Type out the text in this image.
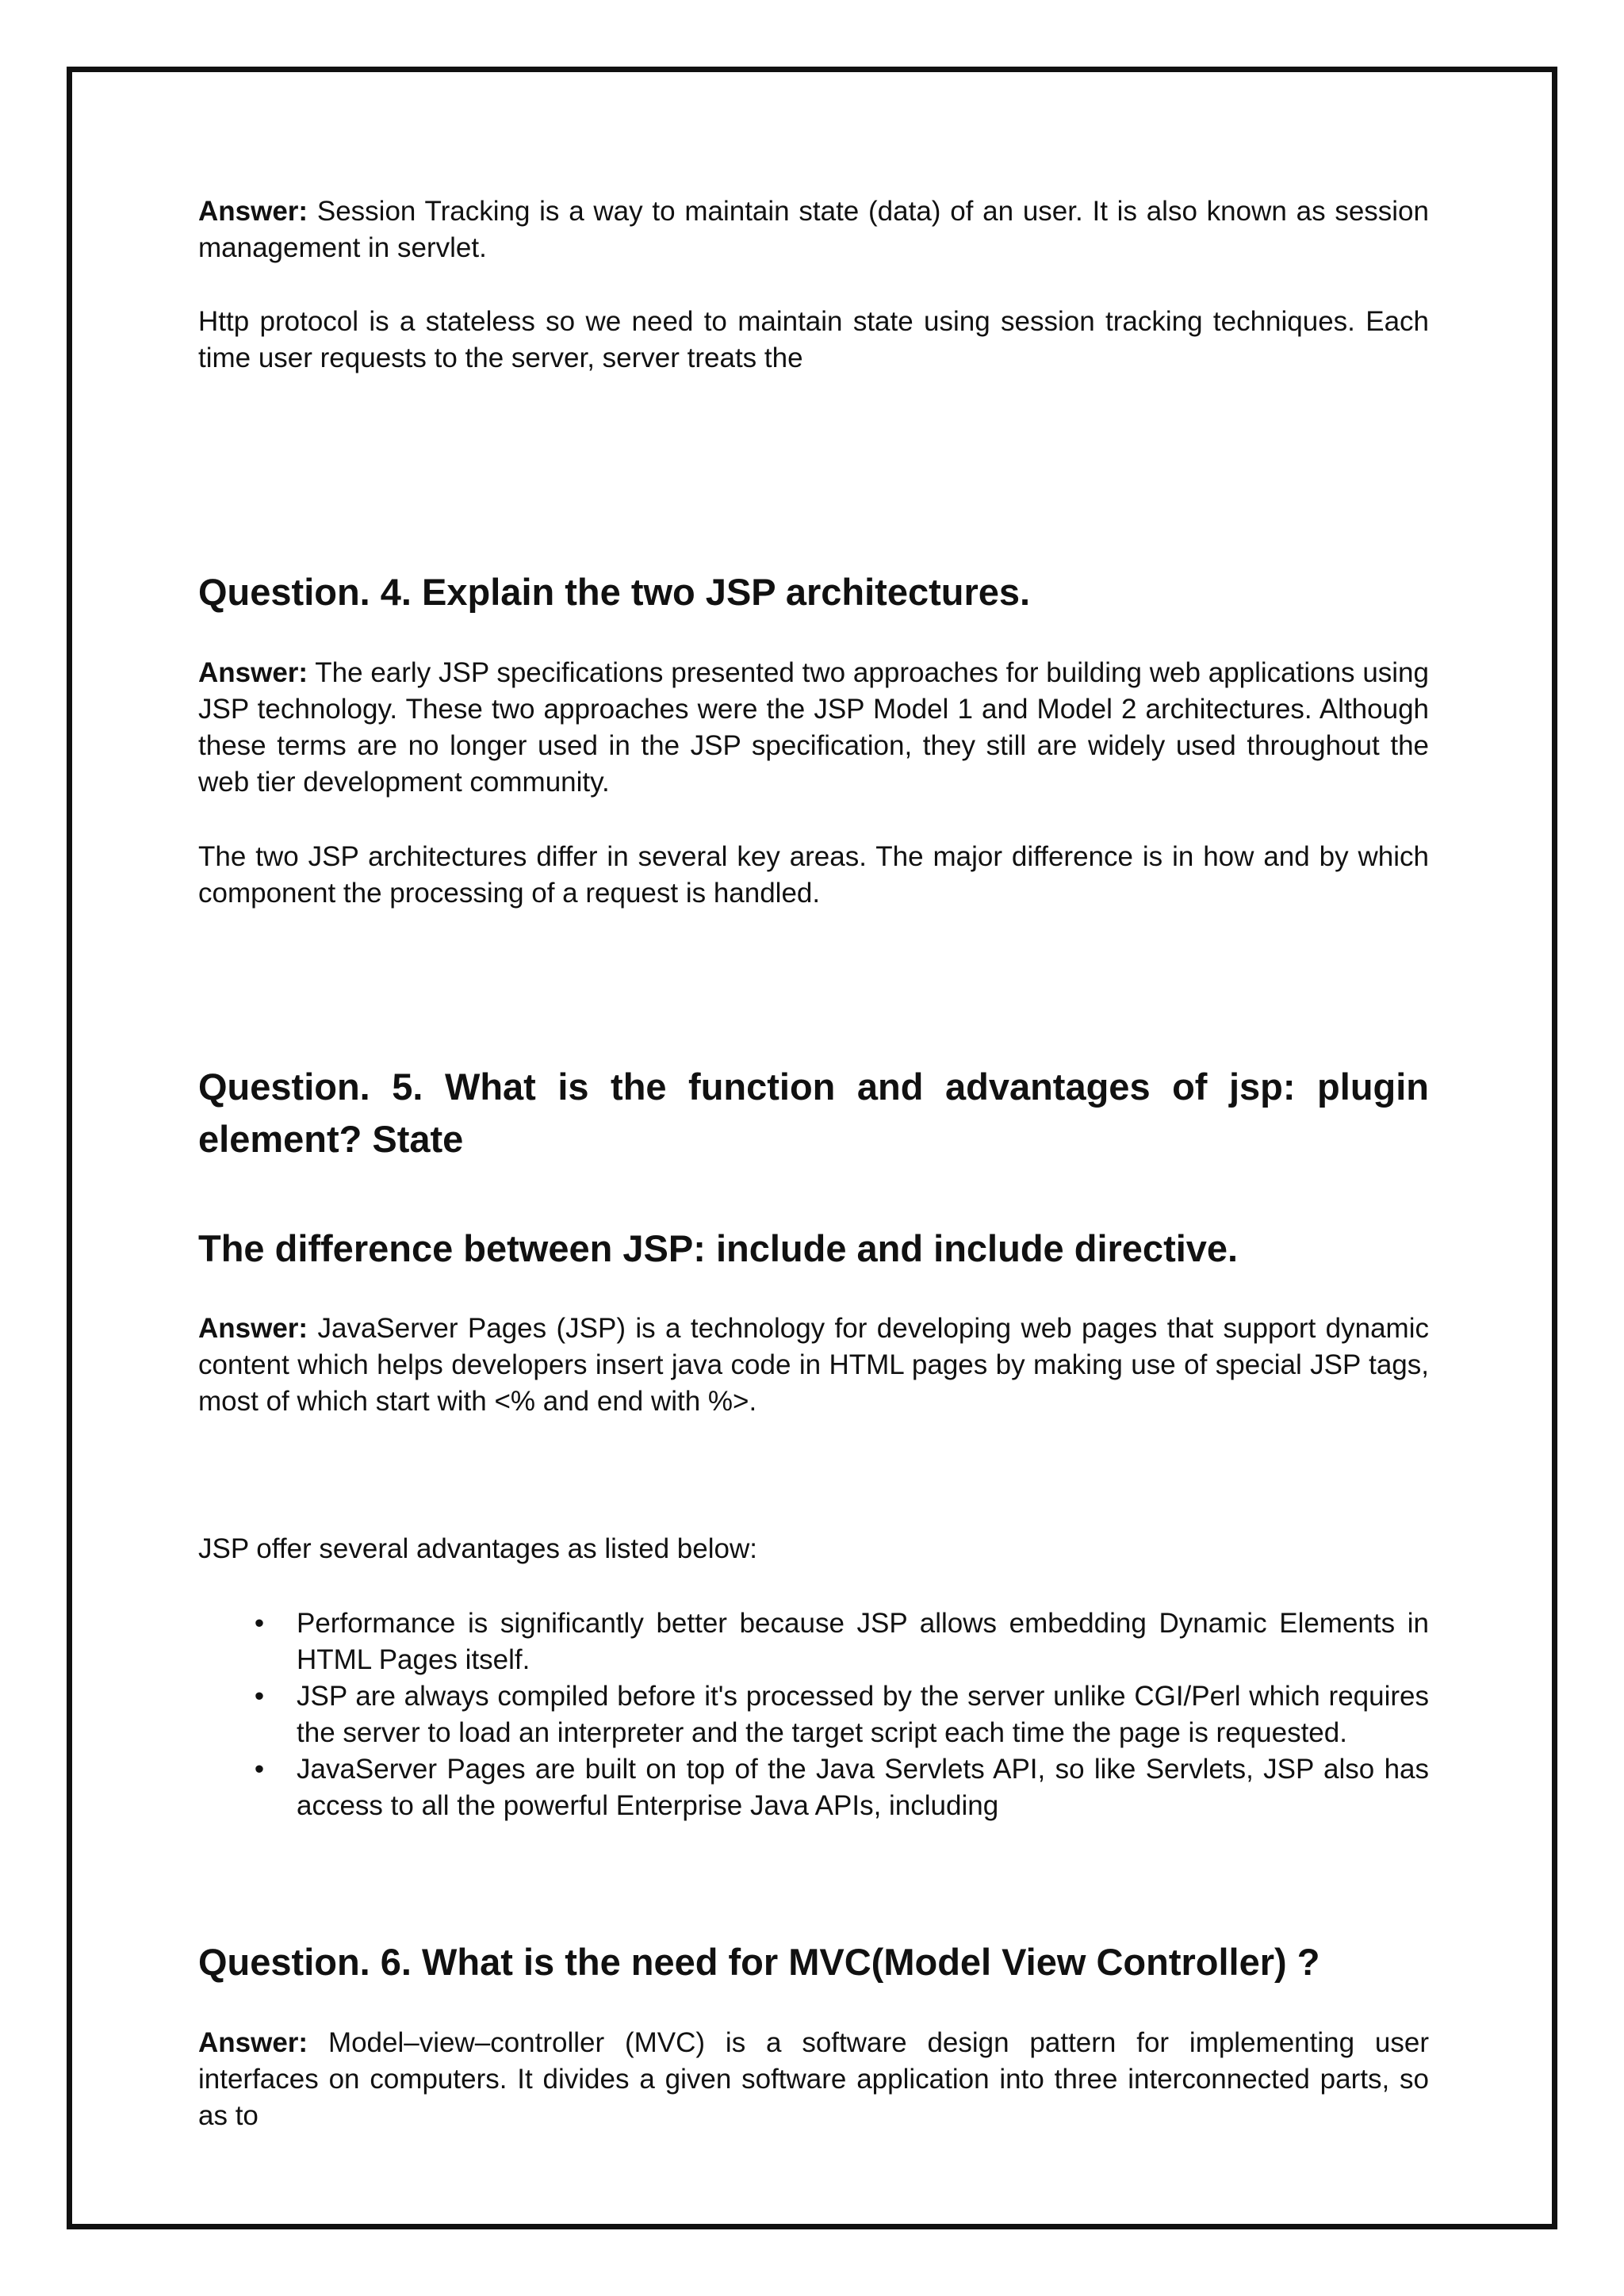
Answer: Session Tracking is a way to maintain state (data) of an user. It is also known as session management in servlet.

Http protocol is a stateless so we need to maintain state using session tracking techniques. Each time user requests to the server, server treats the

Question. 4. Explain the two JSP architectures.

Answer: The early JSP specifications presented two approaches for building web applications using JSP technology. These two approaches were the JSP Model 1 and Model 2 architectures. Although these terms are no longer used in the JSP specification, they still are widely used throughout the web tier development community.

The two JSP architectures differ in several key areas. The major difference is in how and by which component the processing of a request is handled.

Question. 5. What is the function and advantages of jsp: plugin
element? State
The difference between JSP: include and include directive.

Answer: JavaServer Pages (JSP) is a technology for developing web pages that support dynamic content which helps developers insert java code in HTML pages by making use of special JSP tags, most of which start with <% and end with %>.

JSP offer several advantages as listed below:

• Performance is significantly better because JSP allows embedding Dynamic Elements in HTML Pages itself.
• JSP are always compiled before it's processed by the server unlike CGI/Perl which requires the server to load an interpreter and the target script each time the page is requested.
• JavaServer Pages are built on top of the Java Servlets API, so like Servlets, JSP also has access to all the powerful Enterprise Java APIs, including
Question. 6. What is the need for MVC(Model View Controller) ?

Answer: Model–view–controller (MVC) is a software design pattern for implementing user interfaces on computers. It divides a given software application into three interconnected parts, so as to
